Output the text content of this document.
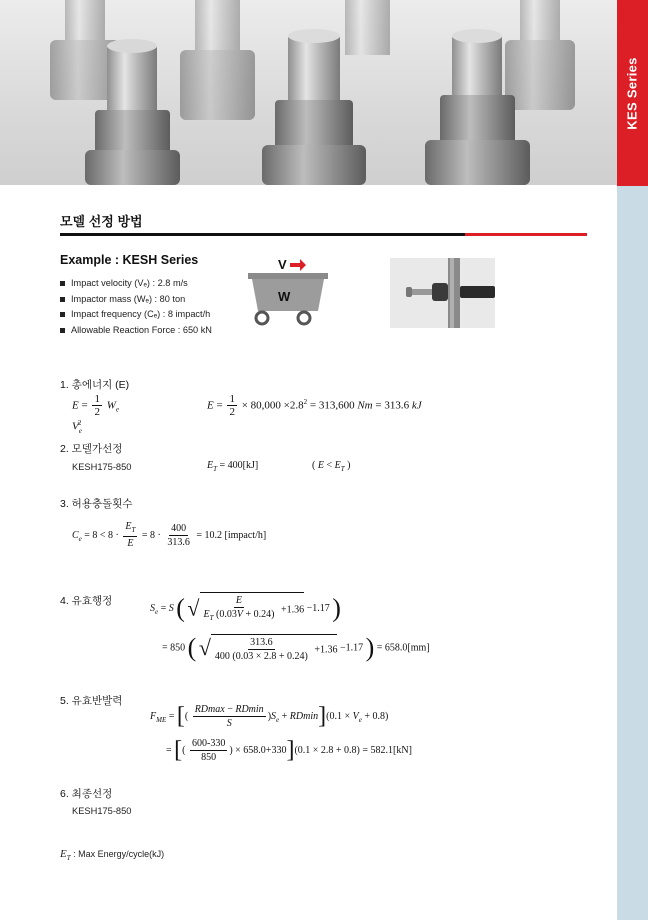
KES Series
모델 선정 방법
Example : KESH Series
Impact velocity (Vₑ) : 2.8 m/s
Impactor mass (Wₑ) : 80 ton
Impact frequency (Cₑ) : 8 impact/h
Allowable Reaction Force : 650 kN
V
W
1. 총에너지 (E)
$E = \frac{1}{2} W_e$ $V_e^2$
$E = \frac{1}{2} \times 80,000 \times 2.8^2 = 313,600$ Nm = 313.6 kJ
2. 모델가선정
KESH175-850	$E_T = 400[kJ]$	( $E < E_T$ )
3. 허용충돌횟수
$C_e = 8 < 8 \cdot \frac{E_T}{E} = 8 \cdot \frac{400}{313.6} = 10.2$ [impact/h]
4. 유효행정
$S_e = S$ ( √ $\frac{E}{E_T (0.03V + 0.24)} +1.36 -1.17$ )
= 850 ( √ $\frac{313.6}{400 (0.03 \times 2.8 + 0.24)} +1.36 -1.17$ ) = 658.0[mm]
5. 유효반발력
$F_{ME}$ = [( $\frac{RDmax - RDmin}{S} )S_e + RDmin](0.1 \times V_e + 0.8)$
= [( $\frac{600-330}{850}$ ) × 658.0+330](0.1 × 2.8 + 0.8) = 582.1[kN]
6. 최종선정
KESH175-850
$E_T$ : Max Energy/cycle(kJ)
